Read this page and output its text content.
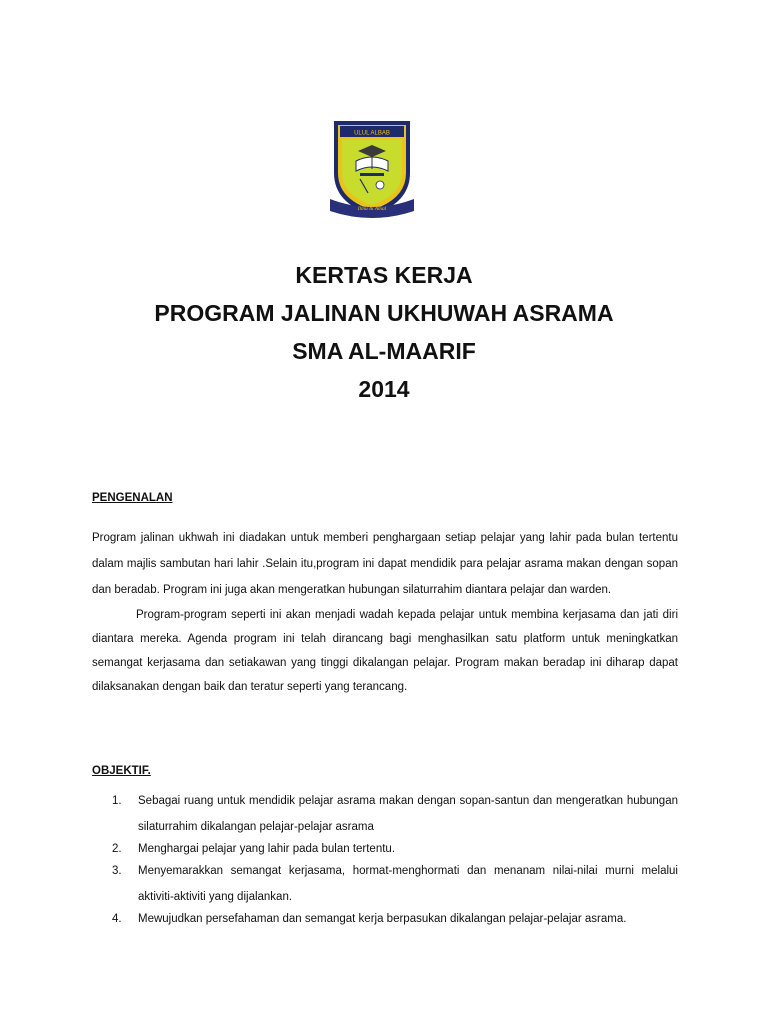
ULUL ALBAB
Ilmu & Amal
KERTAS KERJA
PROGRAM JALINAN UKHUWAH ASRAMA
SMA AL-MAARIF
2014
PENGENALAN

Program jalinan ukhwah ini diadakan untuk memberi penghargaan setiap pelajar yang lahir pada bulan tertentu dalam majlis sambutan hari lahir .Selain itu,program ini dapat mendidik para pelajar asrama makan dengan sopan dan beradab. Program ini juga akan mengeratkan hubungan silaturrahim diantara pelajar dan warden.

Program-program seperti ini akan menjadi wadah kepada pelajar untuk membina kerjasama dan jati diri diantara mereka. Agenda program ini telah dirancang bagi menghasilkan satu platform untuk meningkatkan semangat kerjasama dan setiakawan yang tinggi dikalangan pelajar. Program makan beradap ini diharap dapat dilaksanakan dengan baik dan teratur seperti yang terancang.

OBJEKTIF.
1. Sebagai ruang untuk mendidik pelajar asrama makan dengan sopan-santun dan mengeratkan hubungan silaturrahim dikalangan pelajar-pelajar asrama
2. Menghargai pelajar yang lahir pada bulan tertentu.
3. Menyemarakkan semangat kerjasama, hormat-menghormati dan menanam nilai-nilai murni melalui aktiviti-aktiviti yang dijalankan.
4. Mewujudkan persefahaman dan semangat kerja berpasukan dikalangan pelajar-pelajar asrama.
